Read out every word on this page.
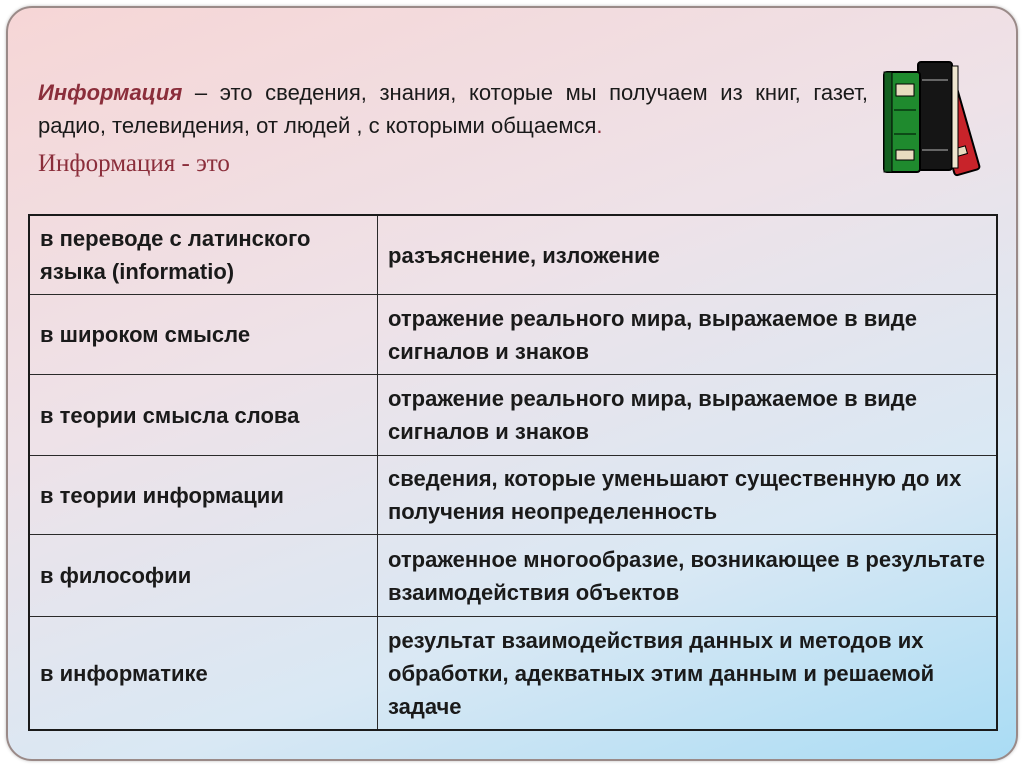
Информация – это сведения, знания, которые мы получаем из книг, газет, радио, телевидения, от людей , с которыми общаемся.

Информация - это

в переводе с латинского языка (informatio)	разъяснение, изложение
в широком смысле	отражение реального мира, выражаемое в виде сигналов и знаков
в теории смысла слова	отражение реального мира, выражаемое в виде сигналов и знаков
в теории информации	сведения, которые уменьшают существенную до их получения неопределенность
в философии	отраженное многообразие, возникающее в результате взаимодействия объектов
в информатике	результат взаимодействия данных и методов их обработки, адекватных этим данным и решаемой задаче
